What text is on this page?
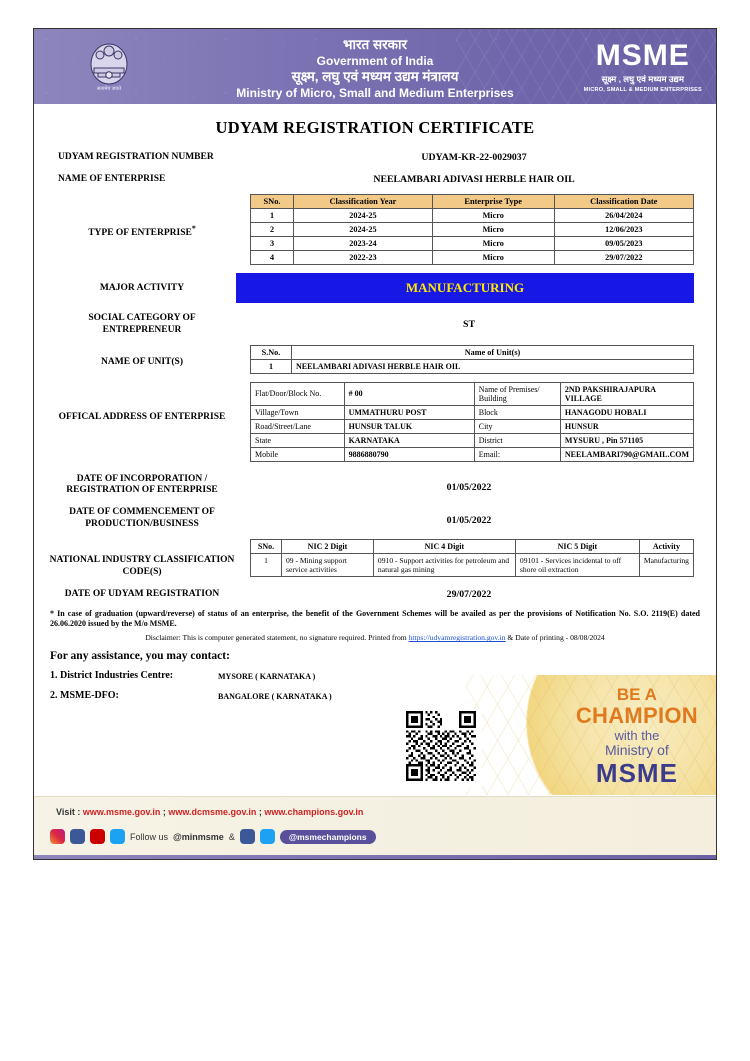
सत्यमेव जयते
भारत सरकार
Government of India
सूक्ष्म, लघु एवं मध्यम उद्यम मंत्रालय
Ministry of Micro, Small and Medium Enterprises
MSME
सूक्ष्म , लघु एवं मध्यम उद्यम
MICRO, SMALL & MEDIUM ENTERPRISES
UDYAM REGISTRATION CERTIFICATE
UDYAM REGISTRATION NUMBER	UDYAM-KR-22-0029037
NAME OF ENTERPRISE	NEELAMBARI ADIVASI HERBLE HAIR OIL
TYPE OF ENTERPRISE*
SNo.	Classification Year	Enterprise Type	Classification Date
1	2024-25	Micro	26/04/2024
2	2024-25	Micro	12/06/2023
3	2023-24	Micro	09/05/2023
4	2022-23	Micro	29/07/2022
MAJOR ACTIVITY	MANUFACTURING
SOCIAL CATEGORY OF ENTREPRENEUR	ST
NAME OF UNIT(S)
S.No.	Name of Unit(s)
1	NEELAMBARI ADIVASI HERBLE HAIR OIL
OFFICAL ADDRESS OF ENTERPRISE
Flat/Door/Block No.	# 00	Name of Premises/ Building	2ND PAKSHIRAJAPURA VILLAGE
Village/Town	UMMATHURU POST	Block	HANAGODU HOBALI
Road/Street/Lane	HUNSUR TALUK	City	HUNSUR
State	KARNATAKA	District	MYSURU , Pin 571105
Mobile	9886880790	Email:	NEELAMBARI790@GMAIL.COM
DATE OF INCORPORATION / REGISTRATION OF ENTERPRISE	01/05/2022
DATE OF COMMENCEMENT OF PRODUCTION/BUSINESS	01/05/2022
NATIONAL INDUSTRY CLASSIFICATION CODE(S)
SNo.	NIC 2 Digit	NIC 4 Digit	NIC 5 Digit	Activity
1	09 - Mining support service activities	0910 - Support activities for petroleum and natural gas mining	09101 - Services incidental to off shore oil extraction	Manufacturing
DATE OF UDYAM REGISTRATION	29/07/2022
* In case of graduation (upward/reverse) of status of an enterprise, the benefit of the Government Schemes will be availed as per the provisions of Notification No. S.O. 2119(E) dated 26.06.2020 issued by the M/o MSME.
Disclaimer: This is computer generated statement, no signature required. Printed from https://udyamregistration.gov.in & Date of printing - 08/08/2024
For any assistance, you may contact:
1. District Industries Centre:	MYSORE ( KARNATAKA )
2. MSME-DFO:	BANGALORE ( KARNATAKA )	BE A
CHAMPION
with the
Ministry of
MSME
Visit : www.msme.gov.in ; www.dcmsme.gov.in ; www.champions.gov.in
Follow us @minmsme &	@msmechampions
